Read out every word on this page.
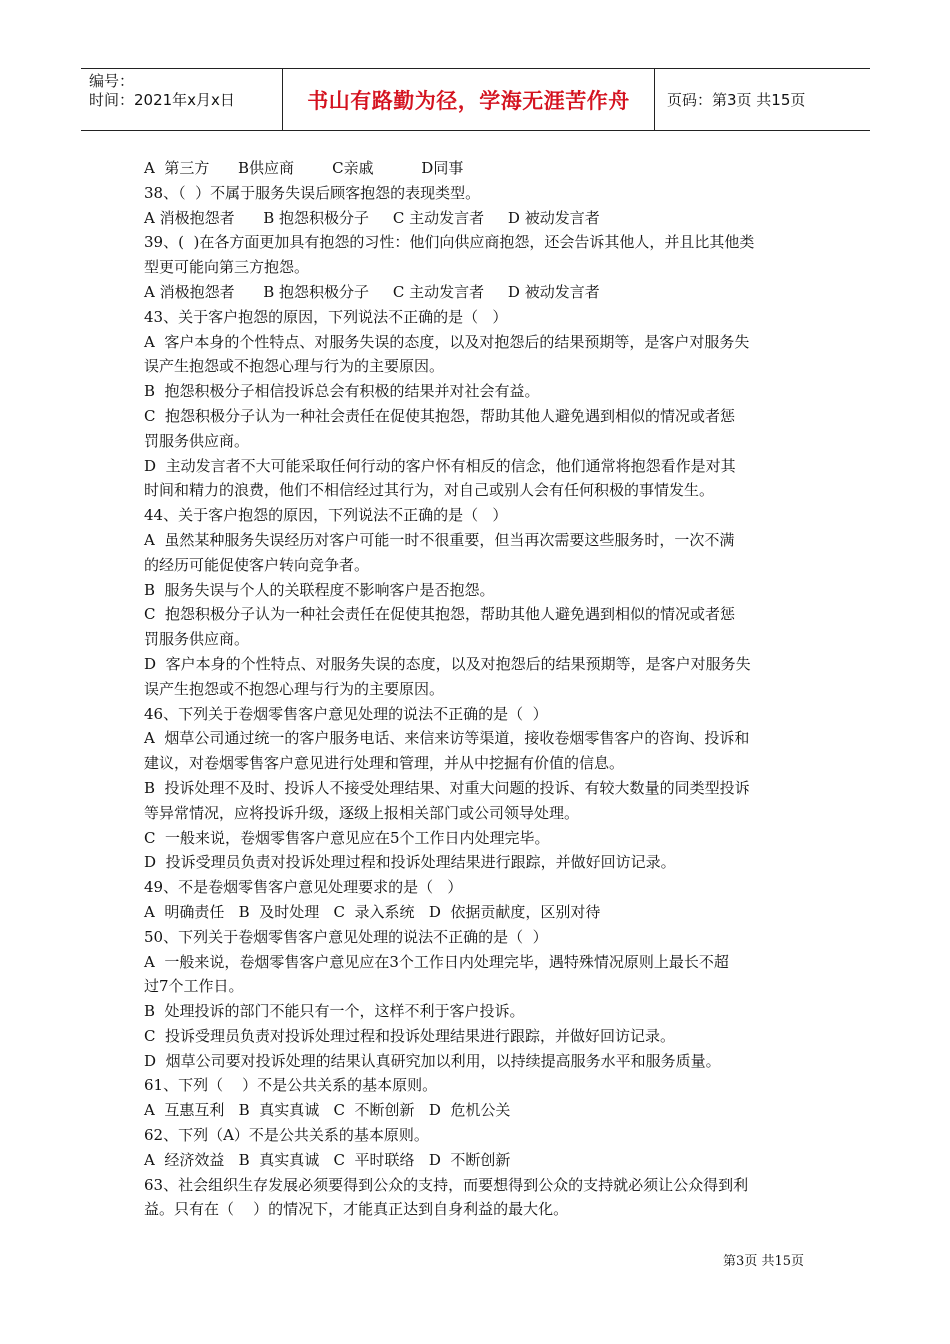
编号：
时间：2021年x月x日	书山有路勤为径，学海无涯苦作舟 页码：第3页 共15页
A  第三方      B供应商        C亲戚          D同事
38、（  ）不属于服务失误后顾客抱怨的表现类型。
A 消极抱怨者      B 抱怨积极分子     C 主动发言者     D 被动发言者
39、(  )在各方面更加具有抱怨的习性：他们向供应商抱怨，还会告诉其他人，并且比其他类
型更可能向第三方抱怨。
A 消极抱怨者      B 抱怨积极分子     C 主动发言者     D 被动发言者
43、关于客户抱怨的原因，下列说法不正确的是（   ）
A  客户本身的个性特点、对服务失误的态度，以及对抱怨后的结果预期等，是客户对服务失
误产生抱怨或不抱怨心理与行为的主要原因。
B  抱怨积极分子相信投诉总会有积极的结果并对社会有益。
C  抱怨积极分子认为一种社会责任在促使其抱怨，帮助其他人避免遇到相似的情况或者惩
罚服务供应商。
D  主动发言者不大可能采取任何行动的客户怀有相反的信念，他们通常将抱怨看作是对其
时间和精力的浪费，他们不相信经过其行为，对自己或别人会有任何积极的事情发生。
44、关于客户抱怨的原因，下列说法不正确的是（   ）
A  虽然某种服务失误经历对客户可能一时不很重要，但当再次需要这些服务时，一次不满
的经历可能促使客户转向竞争者。
B  服务失误与个人的关联程度不影响客户是否抱怨。
C  抱怨积极分子认为一种社会责任在促使其抱怨，帮助其他人避免遇到相似的情况或者惩
罚服务供应商。
D  客户本身的个性特点、对服务失误的态度，以及对抱怨后的结果预期等，是客户对服务失
误产生抱怨或不抱怨心理与行为的主要原因。
46、下列关于卷烟零售客户意见处理的说法不正确的是（  ）
A  烟草公司通过统一的客户服务电话、来信来访等渠道，接收卷烟零售客户的咨询、投诉和
建议，对卷烟零售客户意见进行处理和管理，并从中挖掘有价值的信息。
B  投诉处理不及时、投诉人不接受处理结果、对重大问题的投诉、有较大数量的同类型投诉
等异常情况，应将投诉升级，逐级上报相关部门或公司领导处理。
C  一般来说，卷烟零售客户意见应在5个工作日内处理完毕。
D  投诉受理员负责对投诉处理过程和投诉处理结果进行跟踪，并做好回访记录。
49、不是卷烟零售客户意见处理要求的是（   ）
A  明确责任   B  及时处理   C  录入系统   D  依据贡献度，区别对待
50、下列关于卷烟零售客户意见处理的说法不正确的是（  ）
A  一般来说，卷烟零售客户意见应在3个工作日内处理完毕，遇特殊情况原则上最长不超
过7个工作日。
B  处理投诉的部门不能只有一个，这样不利于客户投诉。
C  投诉受理员负责对投诉处理过程和投诉处理结果进行跟踪，并做好回访记录。
D  烟草公司要对投诉处理的结果认真研究加以利用，以持续提高服务水平和服务质量。
61、下列（    ）不是公共关系的基本原则。
A  互惠互利   B  真实真诚   C  不断创新   D  危机公关
62、下列（A）不是公共关系的基本原则。
A  经济效益   B  真实真诚   C  平时联络   D  不断创新
63、社会组织生存发展必须要得到公众的支持，而要想得到公众的支持就必须让公众得到利
益。只有在（    ）的情况下，才能真正达到自身利益的最大化。
第3页 共15页
